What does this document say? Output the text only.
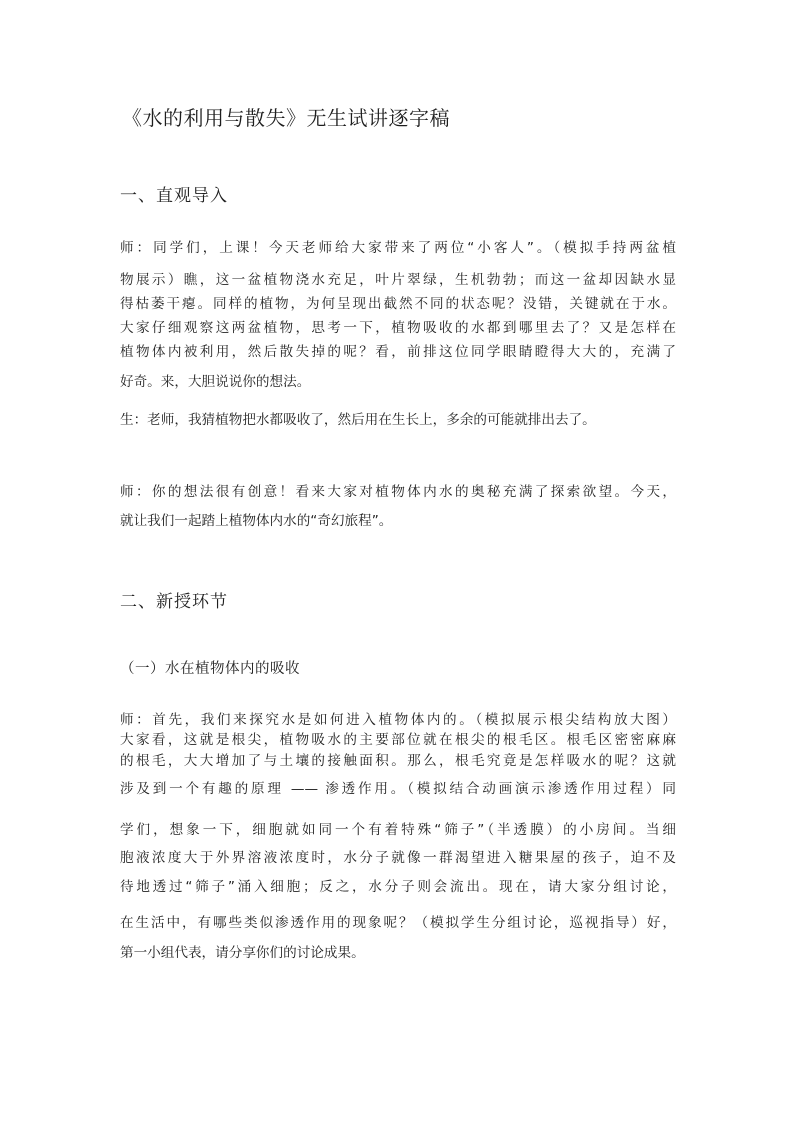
《水的利用与散失》无生试讲逐字稿
一、直观导入

师：同学们，上课！今天老师给大家带来了两位“小客人”。（模拟手持两盆植

物展示）瞧，这一盆植物浇水充足，叶片翠绿，生机勃勃；而这一盆却因缺水显

得枯萎干瘪。同样的植物，为何呈现出截然不同的状态呢？没错，关键就在于水。

大家仔细观察这两盆植物，思考一下，植物吸收的水都到哪里去了？又是怎样在

植物体内被利用，然后散失掉的呢？看，前排这位同学眼睛瞪得大大的，充满了

好奇。来，大胆说说你的想法。

生：老师，我猜植物把水都吸收了，然后用在生长上，多余的可能就排出去了。

师：你的想法很有创意！看来大家对植物体内水的奥秘充满了探索欲望。今天，

就让我们一起踏上植物体内水的“奇幻旅程”。

二、新授环节
（一）水在植物体内的吸收

师：首先，我们来探究水是如何进入植物体内的。（模拟展示根尖结构放大图）

大家看，这就是根尖，植物吸水的主要部位就在根尖的根毛区。根毛区密密麻麻

的根毛，大大增加了与土壤的接触面积。那么，根毛究竟是怎样吸水的呢？这就

涉及到一个有趣的原理 —— 渗透作用。（模拟结合动画演示渗透作用过程）同

学们，想象一下，细胞就如同一个有着特殊“筛子”（半透膜）的小房间。当细

胞液浓度大于外界溶液浓度时，水分子就像一群渴望进入糖果屋的孩子，迫不及

待地透过“筛子”涌入细胞；反之，水分子则会流出。现在，请大家分组讨论，

在生活中，有哪些类似渗透作用的现象呢？（模拟学生分组讨论，巡视指导）好，

第一小组代表，请分享你们的讨论成果。
